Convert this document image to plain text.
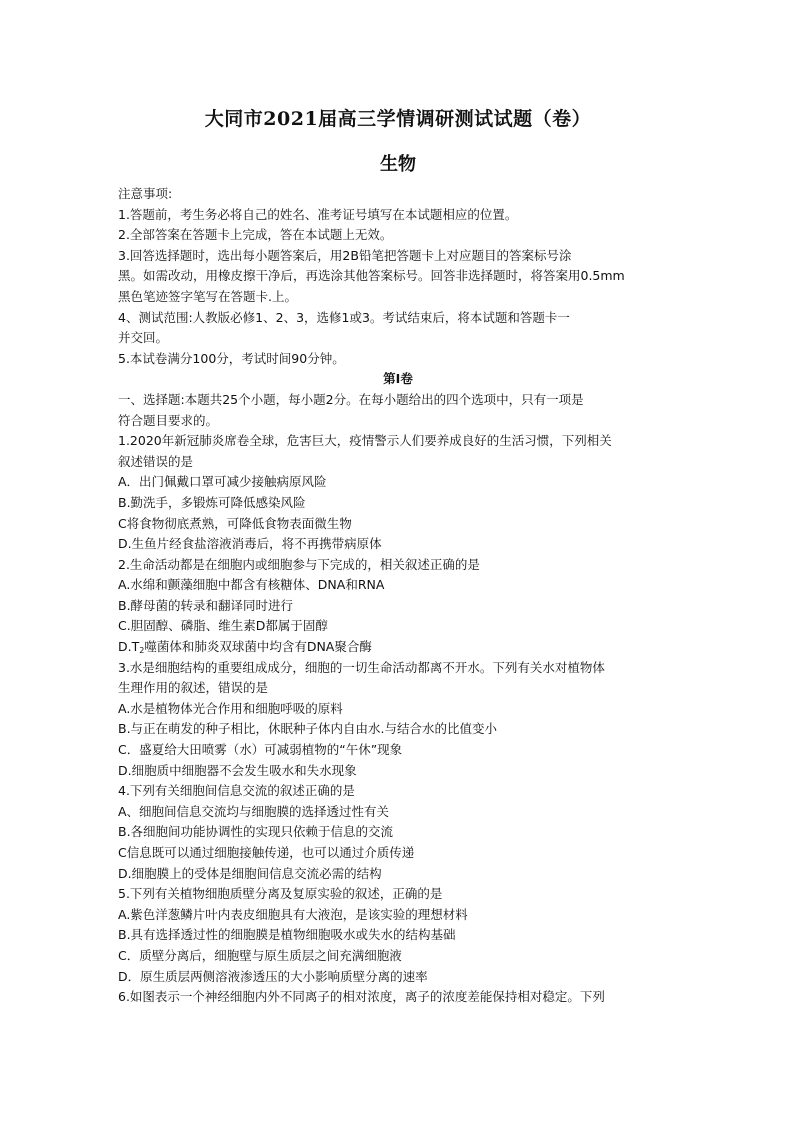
大同市2021届高三学情调研测试试题（卷）
生物
注意事项:
1.答题前，考生务必将自己的姓名、准考证号填写在本试题相应的位置。
2.全部答案在答题卡上完成，答在本试题上无效。
3.回答选择题时，选出每小题答案后，用2B铅笔把答题卡上对应题目的答案标号涂
黑。如需改动，用橡皮擦干净后，再选涂其他答案标号。回答非选择题时，将答案用0.5mm
黑色笔迹签字笔写在答题卡.上。
4、测试范围:人教版必修1、2、3，选修1或3。考试结束后，将本试题和答题卡一
并交回。
5.本试卷满分100分，考试时间90分钟。
第Ⅰ卷
一、选择题:本题共25个小题，每小题2分。在每小题给出的四个选项中，只有一项是
符合题目要求的。
1.2020年新冠肺炎席卷全球，危害巨大，疫情警示人们要养成良好的生活习惯，下列相关
叙述错误的是
A．出门佩戴口罩可减少接触病原风险
B.勤洗手，多锻炼可降低感染风险
C将食物彻底煮熟，可降低食物表面微生物
D.生鱼片经食盐溶液消毒后，将不再携带病原体
2.生命活动都是在细胞内或细胞参与下完成的，相关叙述正确的是
A.水绵和颤藻细胞中都含有核糖体、DNA和RNA
B.酵母菌的转录和翻译同时进行
C.胆固醇、磷脂、维生素D都属于固醇
$D.T_2$噬菌体和肺炎双球菌中均含有DNA聚合酶
3.水是细胞结构的重要组成成分，细胞的一切生命活动都离不开水。下列有关水对植物体
生理作用的叙述，错误的是
A.水是植物体光合作用和细胞呼吸的原料
B.与正在萌发的种子相比，休眠种子体内自由水.与结合水的比值变小
C．盛夏给大田喷雾（水）可减弱植物的“午休”现象
D.细胞质中细胞器不会发生吸水和失水现象
4.下列有关细胞间信息交流的叙述正确的是
A、细胞间信息交流均与细胞膜的选择透过性有关
B.各细胞间功能协调性的实现只依赖于信息的交流
C信息既可以通过细胞接触传递，也可以通过介质传递
D.细胞膜上的受体是细胞间信息交流必需的结构
5.下列有关植物细胞质壁分离及复原实验的叙述，正确的是
A.紫色洋葱鳞片叶内表皮细胞具有大液泡，是该实验的理想材料
B.具有选择透过性的细胞膜是植物细胞吸水或失水的结构基础
C．质壁分离后，细胞壁与原生质层之间充满细胞液
D．原生质层两侧溶液渗透压的大小影响质壁分离的速率
6.如图表示一个神经细胞内外不同离子的相对浓度，离子的浓度差能保持相对稳定。下列
